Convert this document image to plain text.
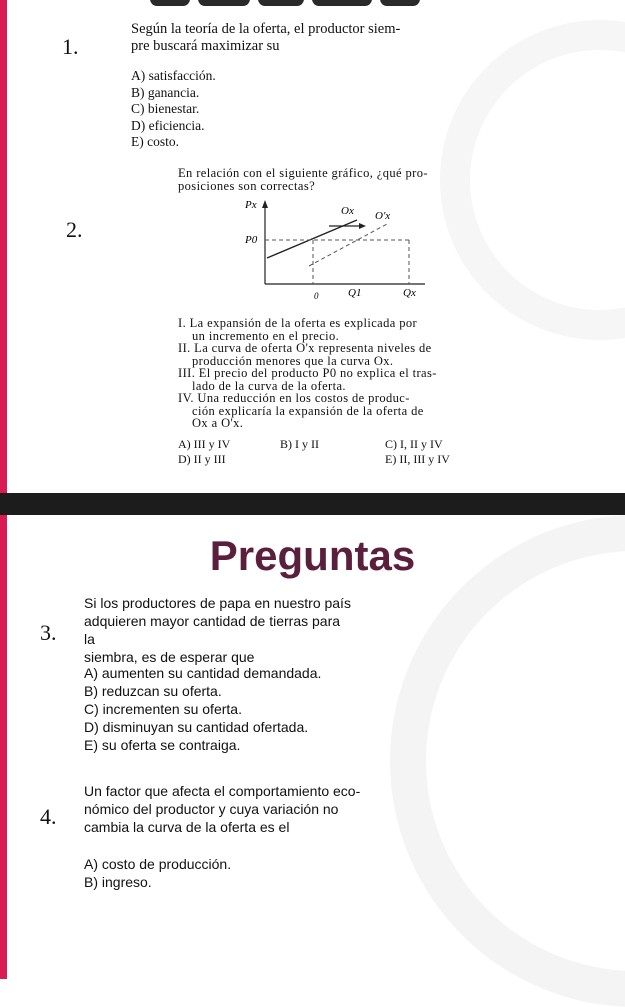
1.
Según la teoría de la oferta, el productor siem-
pre buscará maximizar su
A) satisfacción.
B) ganancia.
C) bienestar.
D) eficiencia.
E) costo.
2.
En relación con el siguiente gráfico, ¿qué pro-
posiciones son correctas?
Px
P0
Ox O'x
0	Q1	Qx
I. La expansión de la oferta es explicada por
un incremento en el precio.
II. La curva de oferta O'x representa niveles de
producción menores que la curva Ox.
III. El precio del producto P0 no explica el tras-
lado de la curva de la oferta.
IV. Una reducción en los costos de produc-
ción explicaría la expansión de la oferta de
Ox a O'x.
A) III y IV	B) I y II	C) I, II y IV
D) II y III	E) II, III y IV
Preguntas
3.
Si los productores de papa en nuestro país
adquieren mayor cantidad de tierras para la
siembra, es de esperar que
A) aumenten su cantidad demandada.
B) reduzcan su oferta.
C) incrementen su oferta.
D) disminuyan su cantidad ofertada.
E) su oferta se contraiga.
4.
Un factor que afecta el comportamiento eco-
nómico del productor y cuya variación no
cambia la curva de la oferta es el
A) costo de producción.
B) ingreso.
